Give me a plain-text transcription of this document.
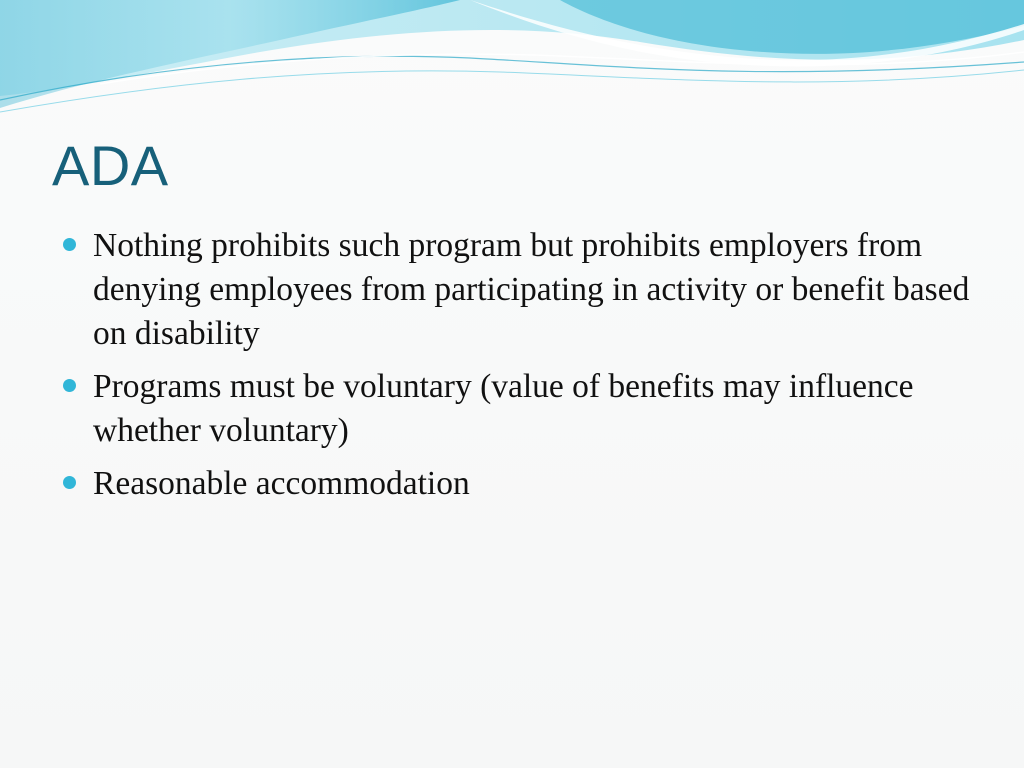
ADA
Nothing prohibits such program but prohibits employers from denying employees from participating in activity or benefit based on disability
Programs must be voluntary (value of benefits may influence whether voluntary)
Reasonable accommodation
